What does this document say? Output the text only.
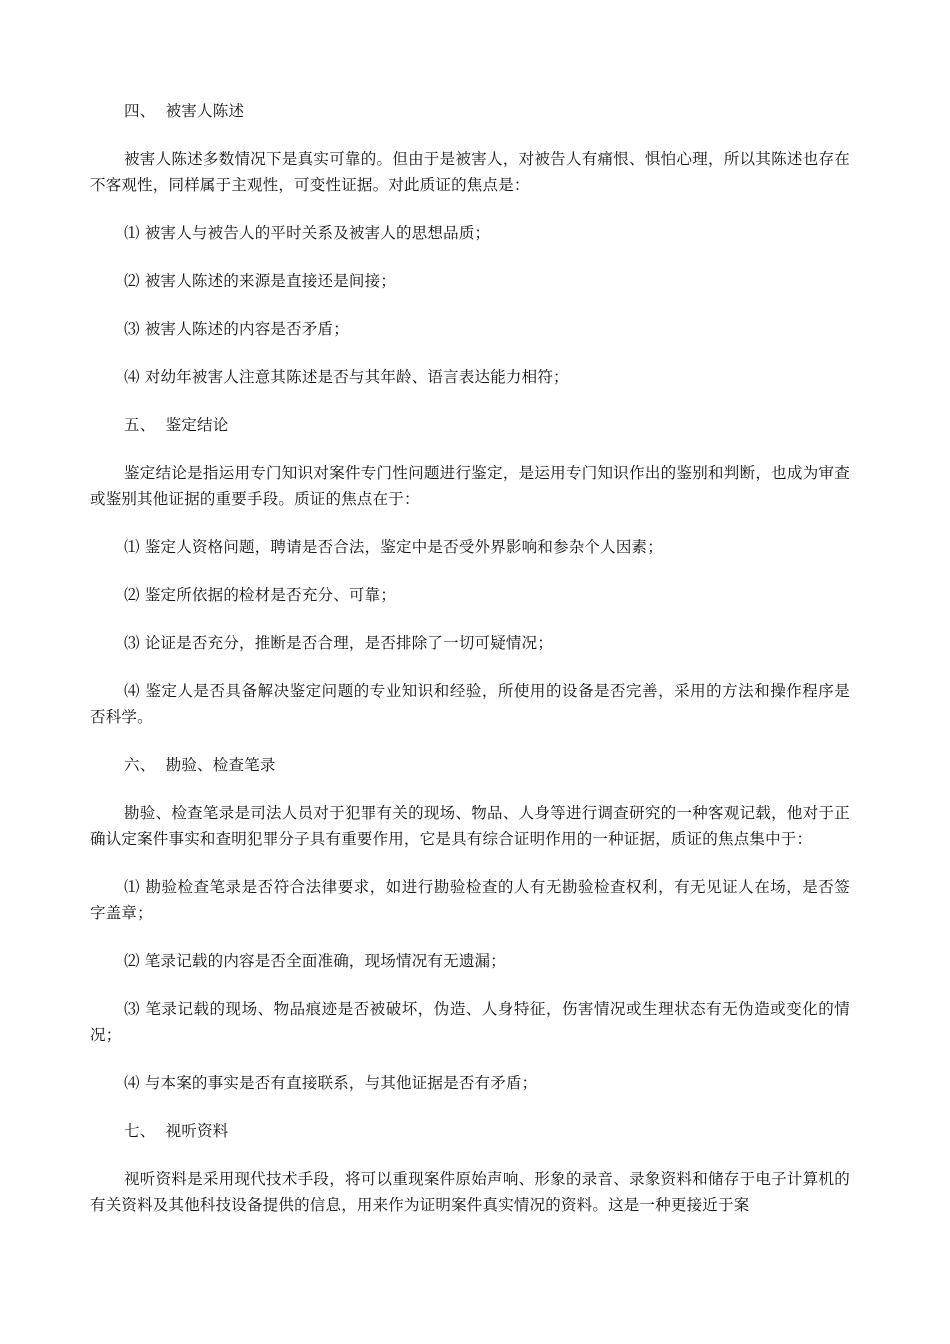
四、  被害人陈述

被害人陈述多数情况下是真实可靠的。但由于是被害人，对被告人有痛恨、惧怕心理，所以其陈述也存在不客观性，同样属于主观性，可变性证据。对此质证的焦点是：

⑴ 被害人与被告人的平时关系及被害人的思想品质；

⑵ 被害人陈述的来源是直接还是间接；

⑶ 被害人陈述的内容是否矛盾；

⑷ 对幼年被害人注意其陈述是否与其年龄、语言表达能力相符；

五、  鉴定结论

鉴定结论是指运用专门知识对案件专门性问题进行鉴定，是运用专门知识作出的鉴别和判断，也成为审查或鉴别其他证据的重要手段。质证的焦点在于：

⑴ 鉴定人资格问题，聘请是否合法，鉴定中是否受外界影响和参杂个人因素；

⑵ 鉴定所依据的检材是否充分、可靠；

⑶ 论证是否充分，推断是否合理，是否排除了一切可疑情况；

⑷ 鉴定人是否具备解决鉴定问题的专业知识和经验，所使用的设备是否完善，采用的方法和操作程序是否科学。

六、  勘验、检查笔录

勘验、检查笔录是司法人员对于犯罪有关的现场、物品、人身等进行调查研究的一种客观记载，他对于正确认定案件事实和查明犯罪分子具有重要作用，它是具有综合证明作用的一种证据，质证的焦点集中于：

⑴ 勘验检查笔录是否符合法律要求，如进行勘验检查的人有无勘验检查权利，有无见证人在场，是否签字盖章；

⑵ 笔录记载的内容是否全面准确，现场情况有无遗漏；

⑶ 笔录记载的现场、物品痕迹是否被破坏，伪造、人身特征，伤害情况或生理状态有无伪造或变化的情况；

⑷ 与本案的事实是否有直接联系，与其他证据是否有矛盾；

七、  视听资料

视听资料是采用现代技术手段，将可以重现案件原始声响、形象的录音、录象资料和储存于电子计算机的有关资料及其他科技设备提供的信息，用来作为证明案件真实情况的资料。这是一种更接近于案
